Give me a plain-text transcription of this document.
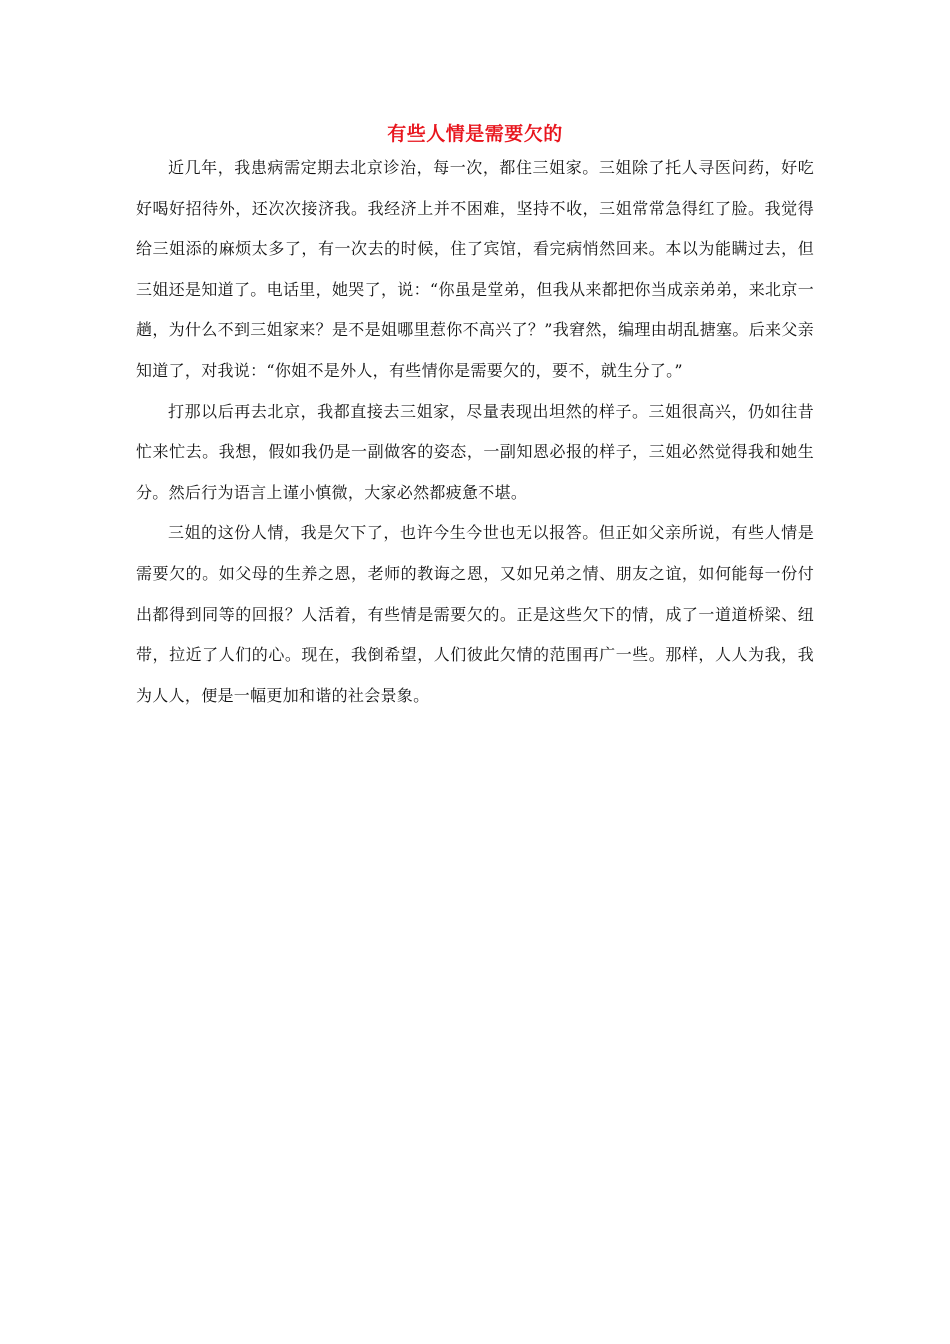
有些人情是需要欠的

近几年，我患病需定期去北京诊治，每一次，都住三姐家。三姐除了托人寻医问药，好吃好喝好招待外，还次次接济我。我经济上并不困难，坚持不收，三姐常常急得红了脸。我觉得给三姐添的麻烦太多了，有一次去的时候，住了宾馆，看完病悄然回来。本以为能瞒过去，但三姐还是知道了。电话里，她哭了，说：“你虽是堂弟，但我从来都把你当成亲弟弟，来北京一趟，为什么不到三姐家来？是不是姐哪里惹你不高兴了？”我窘然，编理由胡乱搪塞。后来父亲知道了，对我说：“你姐不是外人，有些情你是需要欠的，要不，就生分了。”

打那以后再去北京，我都直接去三姐家，尽量表现出坦然的样子。三姐很高兴，仍如往昔忙来忙去。我想，假如我仍是一副做客的姿态，一副知恩必报的样子，三姐必然觉得我和她生分。然后行为语言上谨小慎微，大家必然都疲惫不堪。

三姐的这份人情，我是欠下了，也许今生今世也无以报答。但正如父亲所说，有些人情是需要欠的。如父母的生养之恩，老师的教诲之恩，又如兄弟之情、朋友之谊，如何能每一份付出都得到同等的回报？人活着，有些情是需要欠的。正是这些欠下的情，成了一道道桥梁、纽带，拉近了人们的心。现在，我倒希望，人们彼此欠情的范围再广一些。那样，人人为我，我为人人，便是一幅更加和谐的社会景象。
